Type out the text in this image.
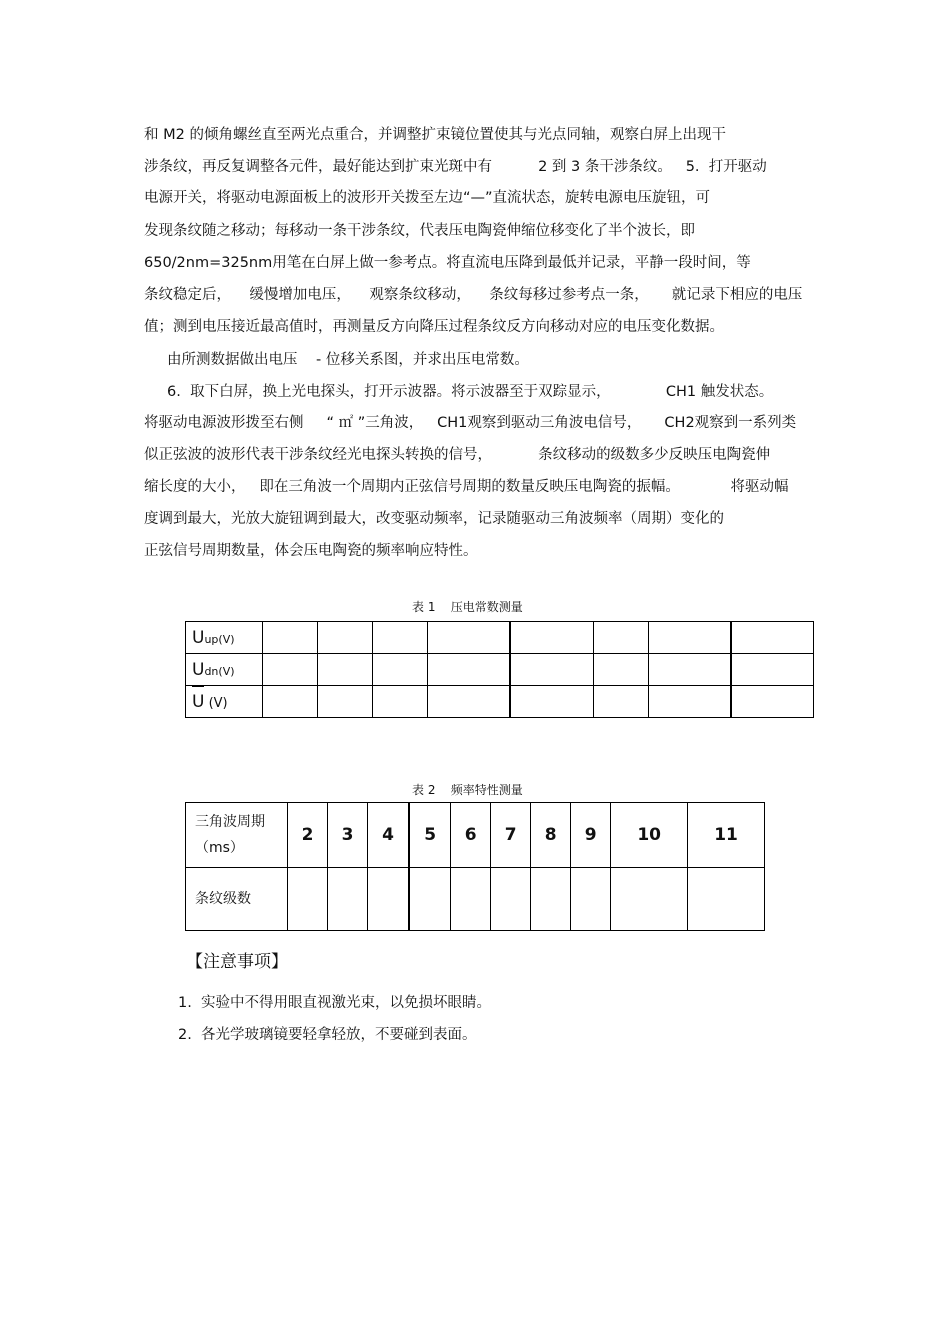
和 M2 的倾角螺丝直至两光点重合，并调整扩束镜位置使其与光点同轴，观察白屏上出现干
涉条纹，再反复调整各元件，最好能达到扩束光斑中有          2 到 3 条干涉条纹。   5.  打开驱动
电源开关，将驱动电源面板上的波形开关拨至左边“—”直流状态，旋转电源电压旋钮，可
发现条纹随之移动；每移动一条干涉条纹，代表压电陶瓷伸缩位移变化了半个波长，即
650/2nm=325nm用笔在白屏上做一参考点。将直流电压降到最低并记录，平静一段时间，等
条纹稳定后，    缓慢增加电压，    观察条纹移动，    条纹每移过参考点一条，     就记录下相应的电压
值；测到电压接近最高值时，再测量反方向降压过程条纹反方向移动对应的电压变化数据。
由所测数据做出电压    - 位移关系图，并求出压电常数。
6.  取下白屏，换上光电探头，打开示波器。将示波器至于双踪显示，            CH1 触发状态。
将驱动电源波形拨至右侧     “ ㎡ ”三角波，   CH1观察到驱动三角波电信号，     CH2观察到一系列类
似正弦波的波形代表干涉条纹经光电探头转换的信号，          条纹移动的级数多少反映压电陶瓷伸
缩长度的大小，   即在三角波一个周期内正弦信号周期的数量反映压电陶瓷的振幅。           将驱动幅
度调到最大，光放大旋钮调到最大，改变驱动频率，记录随驱动三角波频率（周期）变化的
正弦信号周期数量，体会压电陶瓷的频率响应特性。
表 1    压电常数测量
Uup(V)								
Udn(V)								
U (V)								
表 2    频率特性测量
三角波周期
（ms）	2	3	4	5	6	7	8	9	10	11
条纹级数										
【注意事项】
1.  实验中不得用眼直视激光束，以免损坏眼睛。
2.  各光学玻璃镜要轻拿轻放，不要碰到表面。
